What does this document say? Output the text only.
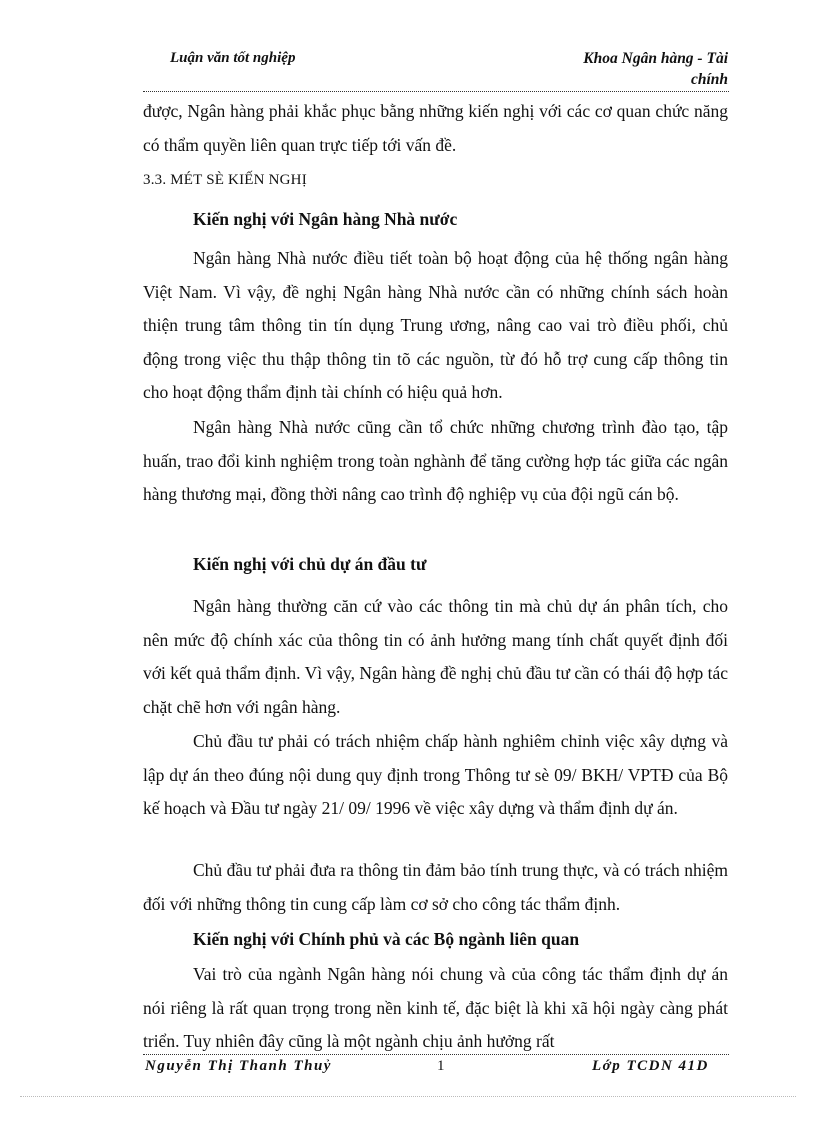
Luận văn tốt nghiệp	Khoa Ngân hàng - Tài chính

được, Ngân hàng phải khắc phục bằng những kiến nghị với các cơ quan chức năng có thẩm quyền liên quan trực tiếp tới vấn đề.

3.3. MÉT SÈ KIẾN NGHỊ

Kiến nghị với Ngân hàng Nhà nước

Ngân hàng Nhà nước điều tiết toàn bộ hoạt động của hệ thống ngân hàng Việt Nam. Vì vậy, đề nghị Ngân hàng Nhà nước cần có những chính sách hoàn thiện trung tâm thông tin tín dụng Trung ương, nâng cao vai trò điều phối, chủ động trong việc thu thập thông tin tõ các nguồn, từ đó hỗ trợ cung cấp thông tin cho hoạt động thẩm định tài chính có hiệu quả hơn.

Ngân hàng Nhà nước cũng cần tổ chức những chương trình đào tạo, tập huấn, trao đổi kinh nghiệm trong toàn nghành để tăng cường hợp tác giữa các ngân hàng thương mại, đồng thời nâng cao trình độ nghiệp vụ của đội ngũ cán bộ.

Kiến nghị với chủ dự án đầu tư

Ngân hàng thường căn cứ vào các thông tin mà chủ dự án phân tích, cho nên mức độ chính xác của thông tin có ảnh hưởng mang tính chất quyết định đối với kết quả thẩm định. Vì vậy, Ngân hàng đề nghị chủ đầu tư cần có thái độ hợp tác chặt chẽ hơn với ngân hàng.

Chủ đầu tư phải có trách nhiệm chấp hành nghiêm chỉnh việc xây dựng và lập dự án theo đúng nội dung quy định trong Thông tư sè 09/ BKH/ VPTĐ của Bộ kế hoạch và Đầu tư ngày 21/ 09/ 1996 về việc xây dựng và thẩm định dự án.

Chủ đầu tư phải đưa ra thông tin đảm bảo tính trung thực, và có trách nhiệm đối với những thông tin cung cấp làm cơ sở cho công tác thẩm định.

Kiến nghị với Chính phủ và các Bộ ngành liên quan

Vai trò của ngành Ngân hàng nói chung và của công tác thẩm định dự án nói riêng là rất quan trọng trong nền kinh tế, đặc biệt là khi xã hội ngày càng phát triển. Tuy nhiên đây cũng là một ngành chịu ảnh hưởng rất

Nguyễn Thị Thanh Thuỷ	1	Lớp TCDN 41D
